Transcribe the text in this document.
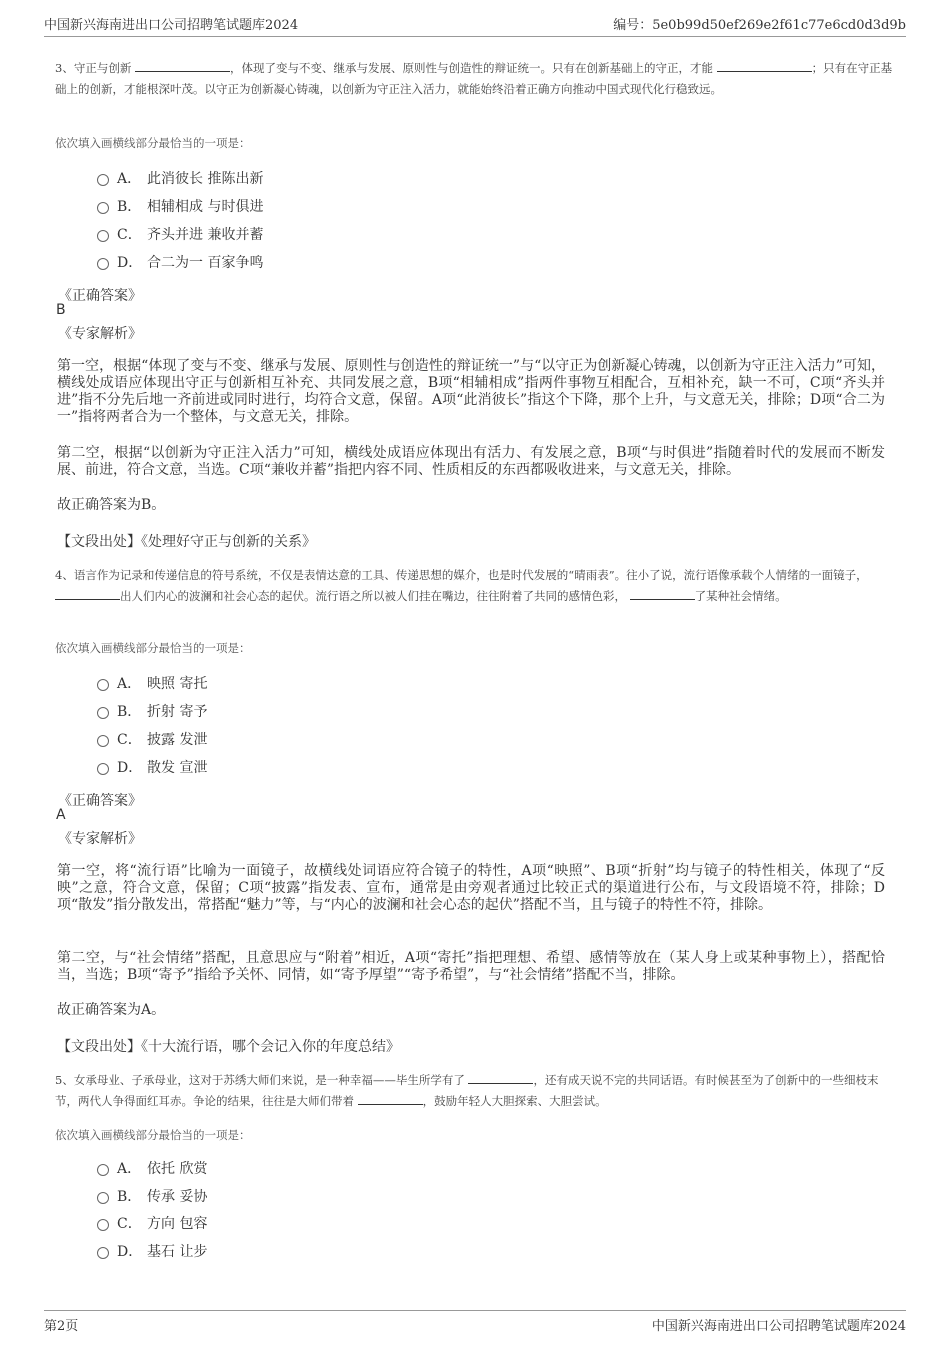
中国新兴海南进出口公司招聘笔试题库2024	编号：5e0b99d50ef269e2f61c77e6cd0d3d9b
3、守正与创新	，体现了变与不变、继承与发展、原则性与创造性的辩证统一。只有在创新基础上的守正，才能	；只有在守正基础上的创新，才能根深叶茂。以守正为创新凝心铸魂，以创新为守正注入活力，就能始终沿着正确方向推动中国式现代化行稳致远。
依次填入画横线部分最恰当的一项是：
A． 此消彼长 推陈出新
B． 相辅相成 与时俱进
C． 齐头并进 兼收并蓄
D． 合二为一 百家争鸣
《正确答案》
B
《专家解析》
第一空，根据“体现了变与不变、继承与发展、原则性与创造性的辩证统一”与“以守正为创新凝心铸魂，以创新为守正注入活力”可知，横线处成语应体现出守正与创新相互补充、共同发展之意，B项“相辅相成”指两件事物互相配合，互相补充，缺一不可，C项“齐头并进”指不分先后地一齐前进或同时进行，均符合文意，保留。A项“此消彼长”指这个下降，那个上升，与文意无关，排除；D项“合二为一”指将两者合为一个整体，与文意无关，排除。
第二空，根据“以创新为守正注入活力”可知，横线处成语应体现出有活力、有发展之意，B项“与时俱进”指随着时代的发展而不断发展、前进，符合文意，当选。C项“兼收并蓄”指把内容不同、性质相反的东西都吸收进来，与文意无关，排除。
故正确答案为B。
【文段出处】《处理好守正与创新的关系》
4、语言作为记录和传递信息的符号系统，不仅是表情达意的工具、传递思想的媒介，也是时代发展的“晴雨表”。往小了说，流行语像承载个人情绪的一面镜子， 出人们内心的波澜和社会心态的起伏。流行语之所以被人们挂在嘴边，往往附着了共同的感情色彩，	了某种社会情绪。
依次填入画横线部分最恰当的一项是：
A． 映照 寄托
B． 折射 寄予
C． 披露 发泄
D． 散发 宣泄
《正确答案》
A
《专家解析》
第一空，将“流行语”比喻为一面镜子，故横线处词语应符合镜子的特性，A项“映照”、B项“折射”均与镜子的特性相关，体现了“反映”之意，符合文意，保留；C项“披露”指发表、宣布，通常是由旁观者通过比较正式的渠道进行公布，与文段语境不符，排除；D项“散发”指分散发出，常搭配“魅力”等，与“内心的波澜和社会心态的起伏”搭配不当，且与镜子的特性不符，排除。
第二空，与“社会情绪”搭配，且意思应与“附着”相近，A项“寄托”指把理想、希望、感情等放在（某人身上或某种事物上），搭配恰当，当选；B项“寄予”指给予关怀、同情，如“寄予厚望”“寄予希望”，与“社会情绪”搭配不当，排除。
故正确答案为A。
【文段出处】《十大流行语，哪个会记入你的年度总结》
5、女承母业、子承母业，这对于苏绣大师们来说，是一种幸福——毕生所学有了	，还有成天说不完的共同话语。有时候甚至为了创新中的一些细枝末节，两代人争得面红耳赤。争论的结果，往往是大师们带着	，鼓励年轻人大胆探索、大胆尝试。
依次填入画横线部分最恰当的一项是：
A． 依托 欣赏
B． 传承 妥协
C． 方向 包容
D． 基石 让步
第2页	中国新兴海南进出口公司招聘笔试题库2024
